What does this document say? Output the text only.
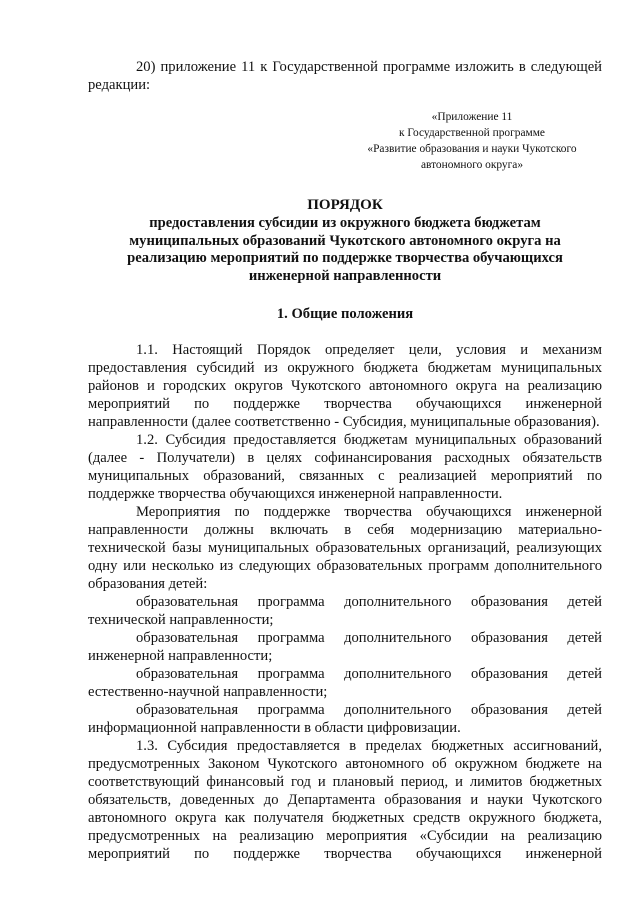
20) приложение 11 к Государственной программе изложить в следующей редакции:

«Приложение 11
к Государственной программе
«Развитие образования и науки Чукотского
автономного округа»
ПОРЯДОК
предоставления субсидии из окружного бюджета бюджетам
муниципальных образований Чукотского автономного округа на
реализацию мероприятий по поддержке творчества обучающихся
инженерной направленности
1. Общие положения

1.1. Настоящий Порядок определяет цели, условия и механизм предоставления субсидий из окружного бюджета бюджетам муниципальных районов и городских округов Чукотского автономного округа на реализацию мероприятий по поддержке творчества обучающихся инженерной направленности (далее соответственно - Субсидия, муниципальные образования).

1.2. Субсидия предоставляется бюджетам муниципальных образований (далее - Получатели) в целях софинансирования расходных обязательств муниципальных образований, связанных с реализацией мероприятий по поддержке творчества обучающихся инженерной направленности.

Мероприятия по поддержке творчества обучающихся инженерной направленности должны включать в себя модернизацию материально-технической базы муниципальных образовательных организаций, реализующих одну или несколько из следующих образовательных программ дополнительного образования детей:

образовательная программа дополнительного образования детей технической направленности;

образовательная программа дополнительного образования детей инженерной направленности;

образовательная программа дополнительного образования детей естественно-научной направленности;

образовательная программа дополнительного образования детей информационной направленности в области цифровизации.

1.3. Субсидия предоставляется в пределах бюджетных ассигнований, предусмотренных Законом Чукотского автономного об окружном бюджете на соответствующий финансовый год и плановый период, и лимитов бюджетных обязательств, доведенных до Департамента образования и науки Чукотского автономного округа как получателя бюджетных средств окружного бюджета, предусмотренных на реализацию мероприятия «Субсидии на реализацию мероприятий по поддержке творчества обучающихся инженерной
